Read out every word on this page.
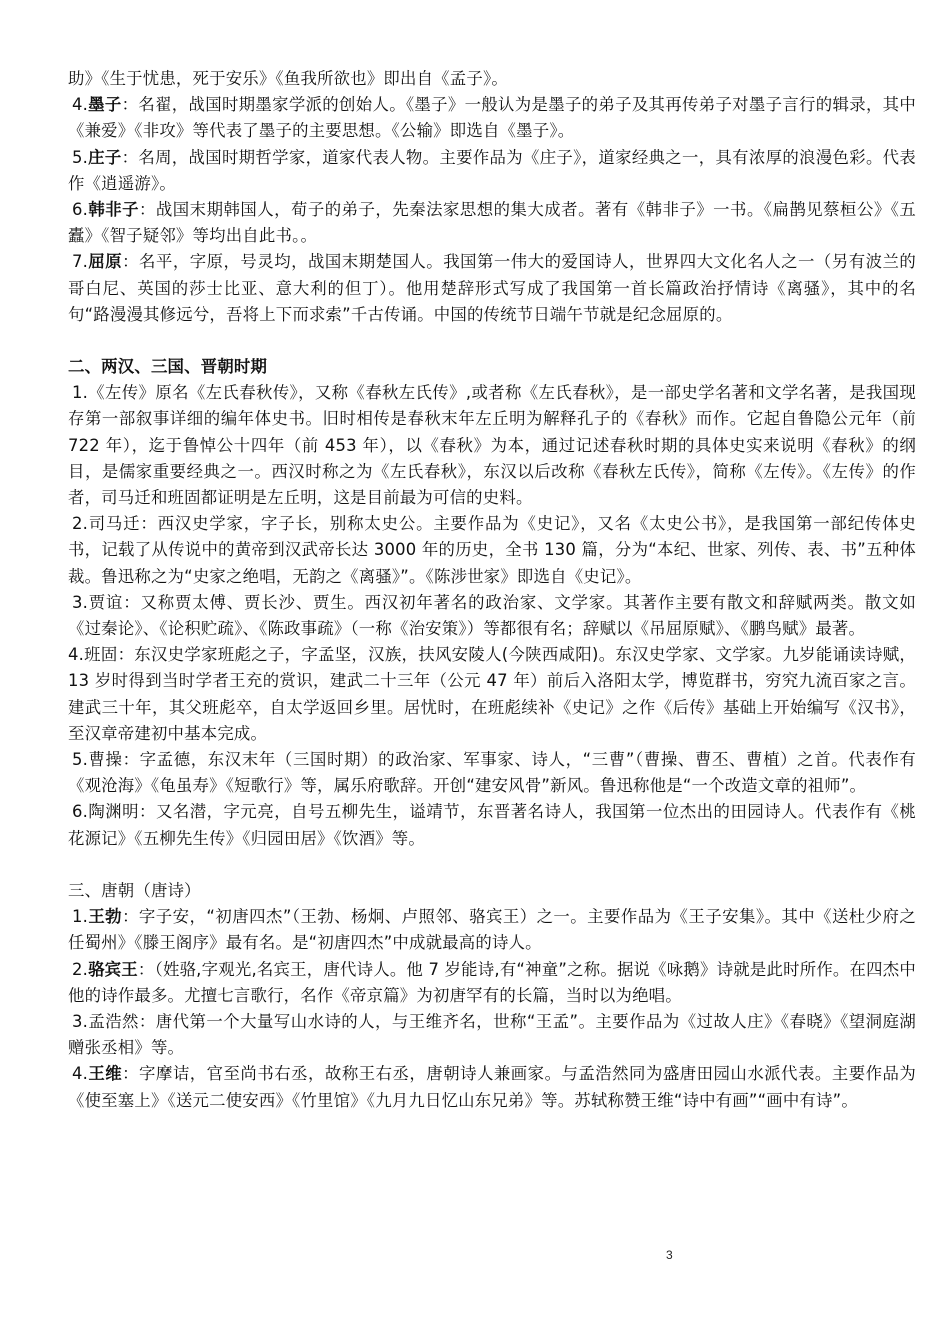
助》《生于忧患，死于安乐》《鱼我所欲也》即出自《孟子》。

4.墨子：名翟，战国时期墨家学派的创始人。《墨子》一般认为是墨子的弟子及其再传弟子对墨子言行的辑录，其中《兼爱》《非攻》等代表了墨子的主要思想。《公输》即选自《墨子》。

5.庄子：名周，战国时期哲学家，道家代表人物。主要作品为《庄子》，道家经典之一，具有浓厚的浪漫色彩。代表作《逍遥游》。

6.韩非子：战国末期韩国人，荀子的弟子，先秦法家思想的集大成者。著有《韩非子》一书。《扁鹊见蔡桓公》《五蠹》《智子疑邻》等均出自此书。。

7.屈原：名平，字原，号灵均，战国末期楚国人。我国第一伟大的爱国诗人，世界四大文化名人之一（另有波兰的哥白尼、英国的莎士比亚、意大利的但丁）。他用楚辞形式写成了我国第一首长篇政治抒情诗《离骚》，其中的名句“路漫漫其修远兮，吾将上下而求索”千古传诵。中国的传统节日端午节就是纪念屈原的。

二、两汉、三国、晋朝时期

1.《左传》原名《左氏春秋传》，又称《春秋左氏传》,或者称《左氏春秋》，是一部史学名著和文学名著，是我国现存第一部叙事详细的编年体史书。旧时相传是春秋末年左丘明为解释孔子的《春秋》而作。它起自鲁隐公元年（前 722 年），迄于鲁悼公十四年（前 453 年），以《春秋》为本，通过记述春秋时期的具体史实来说明《春秋》的纲目，是儒家重要经典之一。西汉时称之为《左氏春秋》，东汉以后改称《春秋左氏传》，简称《左传》。《左传》的作者，司马迁和班固都证明是左丘明，这是目前最为可信的史料。

2.司马迁：西汉史学家，字子长，别称太史公。主要作品为《史记》，又名《太史公书》，是我国第一部纪传体史书，记载了从传说中的黄帝到汉武帝长达 3000 年的历史，全书 130 篇，分为“本纪、世家、列传、表、书”五种体裁。鲁迅称之为“史家之绝唱，无韵之《离骚》”。《陈涉世家》即选自《史记》。

3.贾谊：又称贾太傅、贾长沙、贾生。西汉初年著名的政治家、文学家。其著作主要有散文和辞赋两类。散文如《过秦论》、《论积贮疏》、《陈政事疏》（一称《治安策》）等都很有名；辞赋以《吊屈原赋》、《鹏鸟赋》最著。

4.班固：东汉史学家班彪之子，字孟坚，汉族，扶风安陵人(今陕西咸阳)。东汉史学家、文学家。九岁能诵读诗赋，13 岁时得到当时学者王充的赏识，建武二十三年（公元 47 年）前后入洛阳太学，博览群书，穷究九流百家之言。建武三十年，其父班彪卒，自太学返回乡里。居忧时，在班彪续补《史记》之作《后传》基础上开始编写《汉书》，至汉章帝建初中基本完成。

5.曹操：字孟德，东汉末年（三国时期）的政治家、军事家、诗人，“三曹”（曹操、曹丕、曹植）之首。代表作有《观沧海》《龟虽寿》《短歌行》等，属乐府歌辞。开创“建安风骨”新风。鲁迅称他是“一个改造文章的祖师”。

6.陶渊明：又名潜，字元亮，自号五柳先生，谥靖节，东晋著名诗人，我国第一位杰出的田园诗人。代表作有《桃花源记》《五柳先生传》《归园田居》《饮酒》等。

三、唐朝（唐诗）

1.王勃：字子安，“初唐四杰”（王勃、杨炯、卢照邻、骆宾王）之一。主要作品为《王子安集》。其中《送杜少府之任蜀州》《滕王阁序》最有名。是“初唐四杰”中成就最高的诗人。

2.骆宾王：（姓骆,字观光,名宾王，唐代诗人。他 7 岁能诗,有“神童”之称。据说《咏鹅》诗就是此时所作。在四杰中他的诗作最多。尤擅七言歌行，名作《帝京篇》为初唐罕有的长篇，当时以为绝唱。

3.孟浩然：唐代第一个大量写山水诗的人，与王维齐名，世称“王孟”。主要作品为《过故人庄》《春晓》《望洞庭湖赠张丞相》等。

4.王维：字摩诘，官至尚书右丞，故称王右丞，唐朝诗人兼画家。与孟浩然同为盛唐田园山水派代表。主要作品为《使至塞上》《送元二使安西》《竹里馆》《九月九日忆山东兄弟》等。苏轼称赞王维“诗中有画”“画中有诗”。

3
